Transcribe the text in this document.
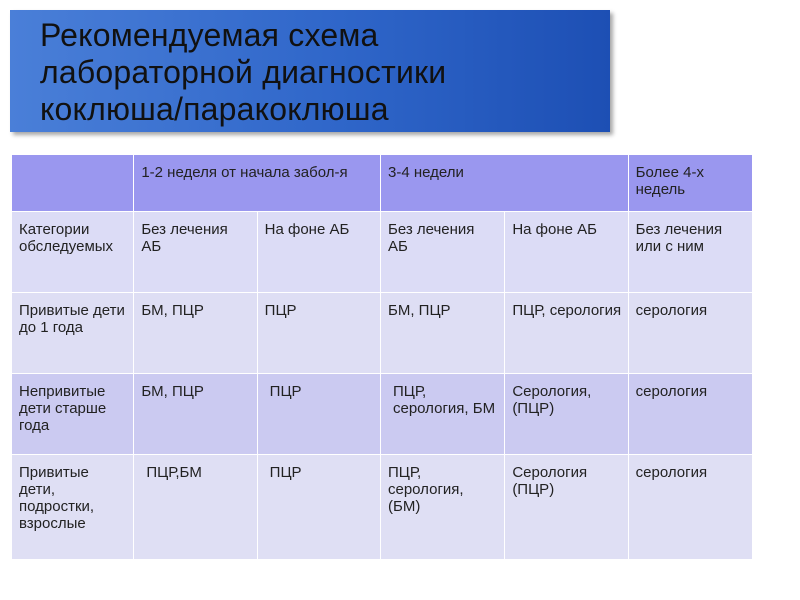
Рекомендуемая схема
лабораторной диагностики
коклюша/паракоклюша
	1-2 неделя от начала забол-я		3-4 недели		Более 4-х недель
Категории обследуемых	Без лечения АБ	На фоне АБ	Без лечения АБ	На фоне АБ	Без лечения или с ним
Привитые дети до 1 года	БМ, ПЦР	ПЦР	БМ, ПЦР	ПЦР, серология	серология
Непривитые дети старше года	БМ, ПЦР	ПЦР	ПЦР, серология, БМ	Серология, (ПЦР)	серология
Привитые дети, подростки, взрослые	ПЦР,БМ	ПЦР	ПЦР, серология, (БМ)	Серология (ПЦР)	серология
